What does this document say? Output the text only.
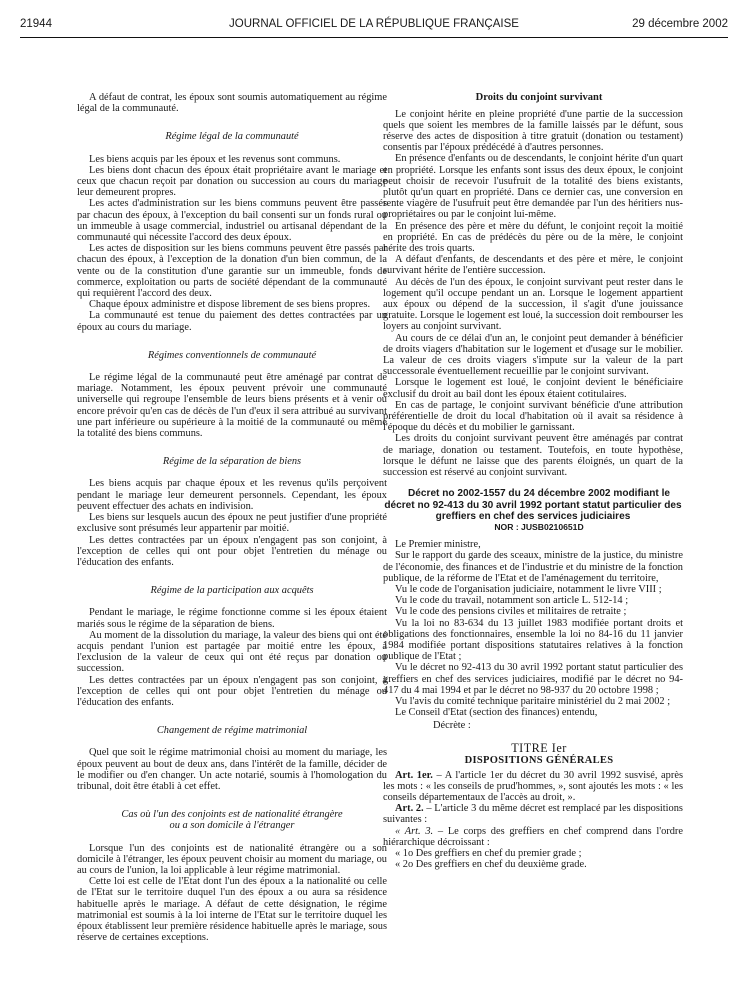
21944	JOURNAL OFFICIEL DE LA RÉPUBLIQUE FRANÇAISE	29 décembre 2002

A défaut de contrat, les époux sont soumis automatiquement au régime légal de la communauté.

Régime légal de la communauté

Les biens acquis par les époux et les revenus sont communs.

Les biens dont chacun des époux était propriétaire avant le mariage et ceux que chacun reçoit par donation ou succession au cours du mariage leur demeurent propres.

Les actes d'administration sur les biens communs peuvent être passés par chacun des époux, à l'exception du bail consenti sur un fonds rural ou un immeuble à usage commercial, industriel ou artisanal dépendant de la communauté qui nécessite l'accord des deux époux.

Les actes de disposition sur les biens communs peuvent être passés par chacun des époux, à l'exception de la donation d'un bien commun, de la vente ou de la constitution d'une garantie sur un immeuble, fonds de commerce, exploitation ou parts de société dépendant de la communauté qui requièrent l'accord des deux.

Chaque époux administre et dispose librement de ses biens propres.

La communauté est tenue du paiement des dettes contractées par un époux au cours du mariage.

Régimes conventionnels de communauté

Le régime légal de la communauté peut être aménagé par contrat de mariage. Notamment, les époux peuvent prévoir une communauté universelle qui regroupe l'ensemble de leurs biens présents et à venir ou encore prévoir qu'en cas de décès de l'un d'eux il sera attribué au survivant une part inférieure ou supérieure à la moitié de la communauté ou même la totalité des biens communs.

Régime de la séparation de biens

Les biens acquis par chaque époux et les revenus qu'ils perçoivent pendant le mariage leur demeurent personnels. Cependant, les époux peuvent effectuer des achats en indivision.

Les biens sur lesquels aucun des époux ne peut justifier d'une propriété exclusive sont présumés leur appartenir par moitié.

Les dettes contractées par un époux n'engagent pas son conjoint, à l'exception de celles qui ont pour objet l'entretien du ménage ou l'éducation des enfants.

Régime de la participation aux acquêts

Pendant le mariage, le régime fonctionne comme si les époux étaient mariés sous le régime de la séparation de biens.

Au moment de la dissolution du mariage, la valeur des biens qui ont été acquis pendant l'union est partagée par moitié entre les époux, à l'exclusion de la valeur de ceux qui ont été reçus par donation ou succession.

Les dettes contractées par un époux n'engagent pas son conjoint, à l'exception de celles qui ont pour objet l'entretien du ménage ou l'éducation des enfants.

Changement de régime matrimonial

Quel que soit le régime matrimonial choisi au moment du mariage, les époux peuvent au bout de deux ans, dans l'intérêt de la famille, décider de le modifier ou d'en changer. Un acte notarié, soumis à l'homologation du tribunal, doit être établi à cet effet.

Cas où l'un des conjoints est de nationalité étrangère

ou a son domicile à l'étranger

Lorsque l'un des conjoints est de nationalité étrangère ou a son domicile à l'étranger, les époux peuvent choisir au moment du mariage, ou au cours de l'union, la loi applicable à leur régime matrimonial.

Cette loi est celle de l'Etat dont l'un des époux a la nationalité ou celle de l'Etat sur le territoire duquel l'un des époux a ou aura sa résidence habituelle après le mariage. A défaut de cette désignation, le régime matrimonial est soumis à la loi interne de l'Etat sur le territoire duquel les époux établissent leur première résidence habituelle après le mariage, sous réserve de certaines exceptions.

Droits du conjoint survivant

Le conjoint hérite en pleine propriété d'une partie de la succession quels que soient les membres de la famille laissés par le défunt, sous réserve des actes de disposition à titre gratuit (donation ou testament) consentis par l'époux prédécédé à d'autres personnes.

En présence d'enfants ou de descendants, le conjoint hérite d'un quart en propriété. Lorsque les enfants sont issus des deux époux, le conjoint peut choisir de recevoir l'usufruit de la totalité des biens existants, plutôt qu'un quart en propriété. Dans ce dernier cas, une conversion en rente viagère de l'usufruit peut être demandée par l'un des héritiers nus-propriétaires ou par le conjoint lui-même.

En présence des père et mère du défunt, le conjoint reçoit la moitié en propriété. En cas de prédécès du père ou de la mère, le conjoint hérite des trois quarts.

A défaut d'enfants, de descendants et des père et mère, le conjoint survivant hérite de l'entière succession.

Au décès de l'un des époux, le conjoint survivant peut rester dans le logement qu'il occupe pendant un an. Lorsque le logement appartient aux époux ou dépend de la succession, il s'agit d'une jouissance gratuite. Lorsque le logement est loué, la succession doit rembourser les loyers au conjoint survivant.

Au cours de ce délai d'un an, le conjoint peut demander à bénéficier de droits viagers d'habitation sur le logement et d'usage sur le mobilier. La valeur de ces droits viagers s'impute sur la valeur de la part successorale éventuellement recueillie par le conjoint survivant.

Lorsque le logement est loué, le conjoint devient le bénéficiaire exclusif du droit au bail dont les époux étaient cotitulaires.

En cas de partage, le conjoint survivant bénéficie d'une attribution préférentielle de droit du local d'habitation où il avait sa résidence à l'époque du décès et du mobilier le garnissant.

Les droits du conjoint survivant peuvent être aménagés par contrat de mariage, donation ou testament. Toutefois, en toute hypothèse, lorsque le défunt ne laisse que des parents éloignés, un quart de la succession est réservé au conjoint survivant.

Décret no 2002-1557 du 24 décembre 2002 modifiant le décret no 92-413 du 30 avril 1992 portant statut particulier des greffiers en chef des services judiciaires

NOR : JUSB0210651D

Le Premier ministre,

Sur le rapport du garde des sceaux, ministre de la justice, du ministre de l'économie, des finances et de l'industrie et du ministre de la fonction publique, de la réforme de l'Etat et de l'aménagement du territoire,

Vu le code de l'organisation judiciaire, notamment le livre VIII ;

Vu le code du travail, notamment son article L. 512-14 ;

Vu le code des pensions civiles et militaires de retraite ;

Vu la loi no 83-634 du 13 juillet 1983 modifiée portant droits et obligations des fonctionnaires, ensemble la loi no 84-16 du 11 janvier 1984 modifiée portant dispositions statutaires relatives à la fonction publique de l'Etat ;

Vu le décret no 92-413 du 30 avril 1992 portant statut particulier des greffiers en chef des services judiciaires, modifié par le décret no 94-417 du 4 mai 1994 et par le décret no 98-937 du 20 octobre 1998 ;

Vu l'avis du comité technique paritaire ministériel du 2 mai 2002 ;

Le Conseil d'Etat (section des finances) entendu,

Décrète :

TITRE Ier

DISPOSITIONS GÉNÉRALES

Art. 1er. – A l'article 1er du décret du 30 avril 1992 susvisé, après les mots : « les conseils de prud'hommes, », sont ajoutés les mots : « les conseils départementaux de l'accès au droit, ».

Art. 2. – L'article 3 du même décret est remplacé par les dispositions suivantes :

« Art. 3. – Le corps des greffiers en chef comprend dans l'ordre hiérarchique décroissant :

« 1o Des greffiers en chef du premier grade ;

« 2o Des greffiers en chef du deuxième grade.
